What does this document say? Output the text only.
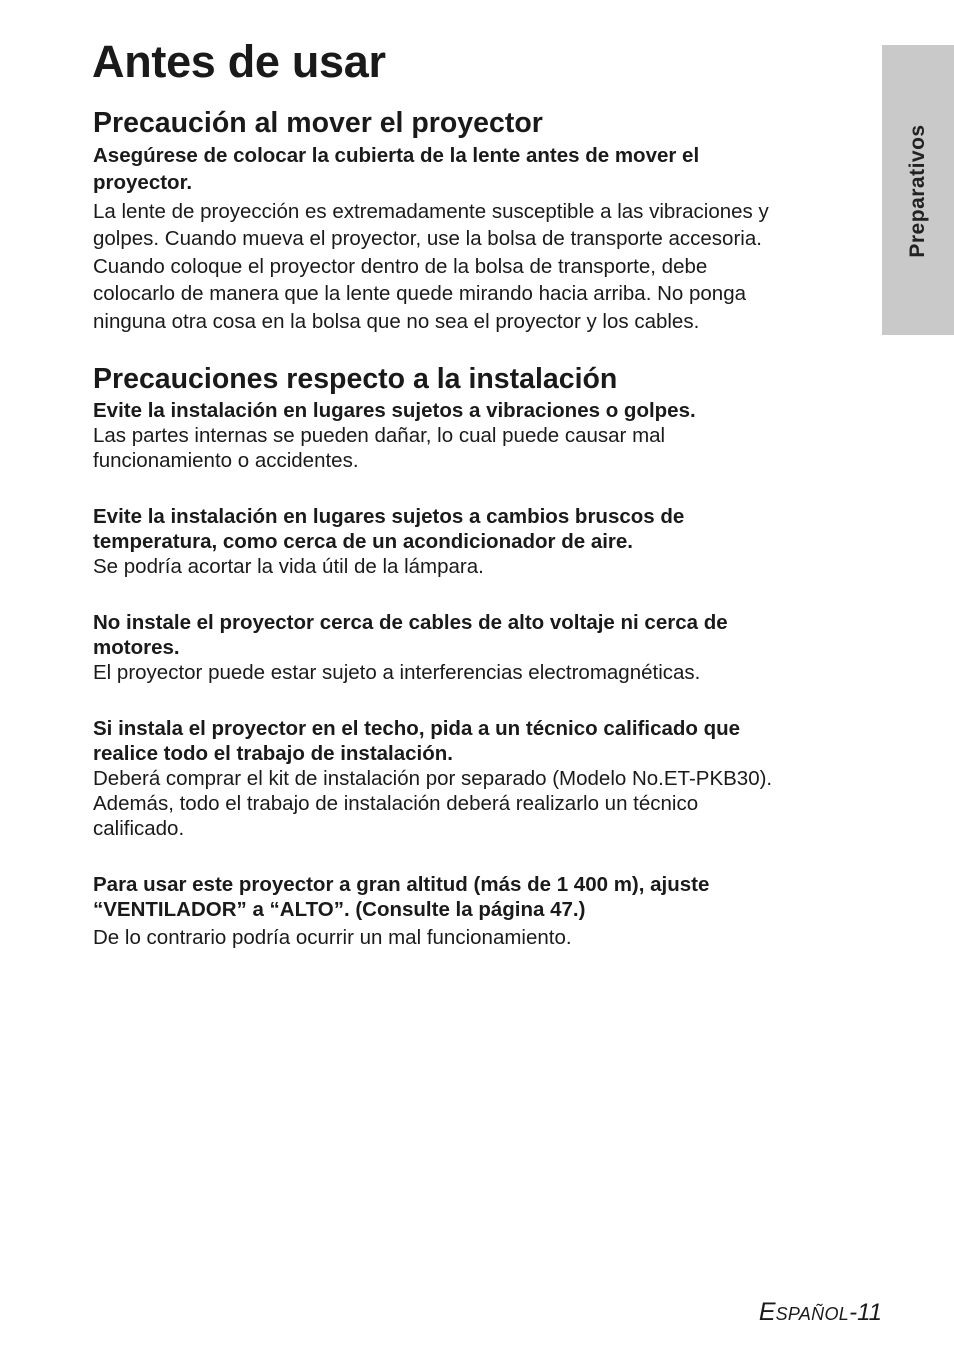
Antes de usar
Preparativos
Precaución al mover el proyector

Asegúrese de colocar la cubierta de la lente antes de mover el

proyector.

La lente de proyección es extremadamente susceptible a las vibraciones y

golpes. Cuando mueva el proyector, use la bolsa de transporte accesoria.

Cuando coloque el proyector dentro de la bolsa de transporte, debe

colocarlo de manera que la lente quede mirando hacia arriba. No ponga

ninguna otra cosa en la bolsa que no sea el proyector y los cables.

Precauciones respecto a la instalación

Evite la instalación en lugares sujetos a vibraciones o golpes.

Las partes internas se pueden dañar, lo cual puede causar mal

funcionamiento o accidentes.

Evite la instalación en lugares sujetos a cambios bruscos de

temperatura, como cerca de un acondicionador de aire.

Se podría acortar la vida útil de la lámpara.

No instale el proyector cerca de cables de alto voltaje ni cerca de

motores.

El proyector puede estar sujeto a interferencias electromagnéticas.

Si instala el proyector en el techo, pida a un técnico calificado que

realice todo el trabajo de instalación.

Deberá comprar el kit de instalación por separado (Modelo No.ET-PKB30).

Además, todo el trabajo de instalación deberá realizarlo un técnico

calificado.

Para usar este proyector a gran altitud (más de 1 400 m), ajuste

“VENTILADOR” a “ALTO”. (Consulte la página 47.)

De lo contrario podría ocurrir un mal funcionamiento.

ESPAÑOL-11
